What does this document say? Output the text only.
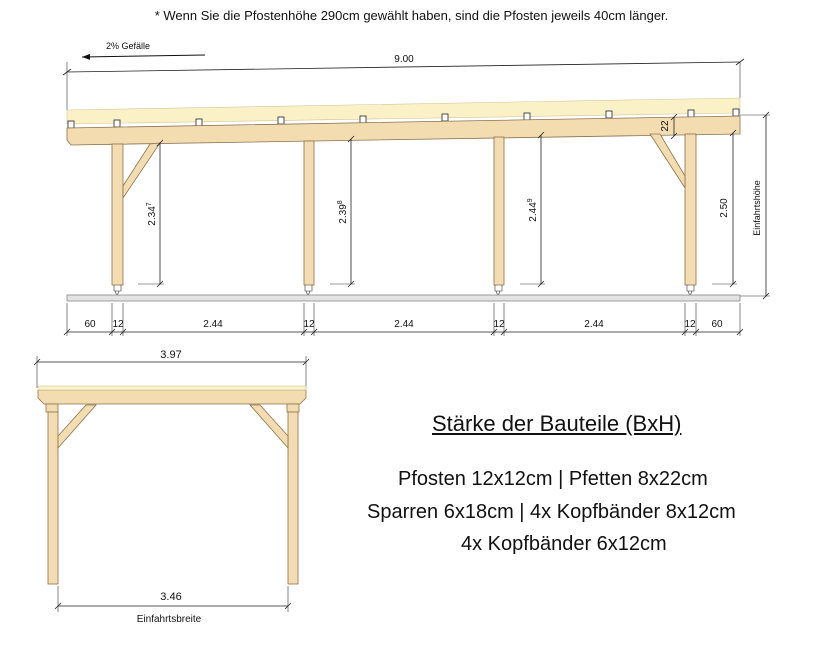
* Wenn Sie die Pfostenhöhe 290cm gewählt haben, sind die Pfosten jeweils 40cm länger.
2% Gefälle
9.00
2.34$^7$	2.39$^8$	2.44$^9$	2.50
22
Einfahrtshöhe
60 12	2.44	12	2.44	12	2.44	12 60
3.97
3.46
Einfahrtsbreite
Stärke der Bauteile (BxH)
Pfosten 12x12cm | Pfetten 8x22cm
Sparren 6x18cm | 4x Kopfbänder 8x12cm
4x Kopfbänder 6x12cm
